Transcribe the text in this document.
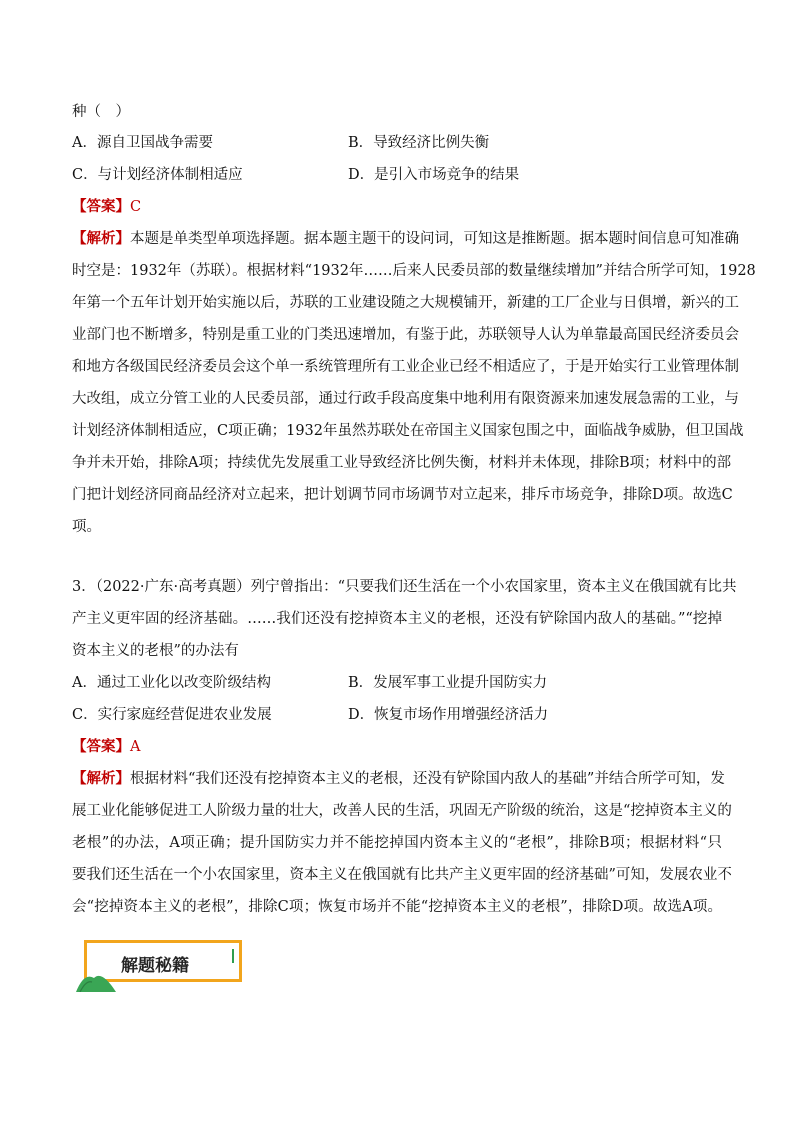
种（　）
A．源自卫国战争需要	B．导致经济比例失衡
C．与计划经济体制相适应	D．是引入市场竞争的结果
【答案】C
【解析】本题是单类型单项选择题。据本题主题干的设问词，可知这是推断题。据本题时间信息可知准确
时空是：1932年（苏联）。根据材料“1932年……后来人民委员部的数量继续增加”并结合所学可知，1928
年第一个五年计划开始实施以后，苏联的工业建设随之大规模铺开，新建的工厂企业与日俱增，新兴的工
业部门也不断增多，特别是重工业的门类迅速增加，有鉴于此，苏联领导人认为单靠最高国民经济委员会
和地方各级国民经济委员会这个单一系统管理所有工业企业已经不相适应了，于是开始实行工业管理体制
大改组，成立分管工业的人民委员部，通过行政手段高度集中地利用有限资源来加速发展急需的工业，与
计划经济体制相适应，C项正确；1932年虽然苏联处在帝国主义国家包围之中，面临战争威胁，但卫国战
争并未开始，排除A项；持续优先发展重工业导致经济比例失衡，材料并未体现，排除B项；材料中的部
门把计划经济同商品经济对立起来，把计划调节同市场调节对立起来，排斥市场竞争，排除D项。故选C
项。
3．（2022·广东·高考真题）列宁曾指出：“只要我们还生活在一个小农国家里，资本主义在俄国就有比共
产主义更牢固的经济基础。……我们还没有挖掉资本主义的老根，还没有铲除国内敌人的基础。”“挖掉
资本主义的老根”的办法有
A．通过工业化以改变阶级结构	B．发展军事工业提升国防实力
C．实行家庭经营促进农业发展	D．恢复市场作用增强经济活力
【答案】A
【解析】根据材料“我们还没有挖掉资本主义的老根，还没有铲除国内敌人的基础”并结合所学可知，发
展工业化能够促进工人阶级力量的壮大，改善人民的生活，巩固无产阶级的统治，这是“挖掉资本主义的
老根”的办法，A项正确；提升国防实力并不能挖掉国内资本主义的“老根”，排除B项；根据材料“只
要我们还生活在一个小农国家里，资本主义在俄国就有比共产主义更牢固的经济基础”可知，发展农业不
会“挖掉资本主义的老根”，排除C项；恢复市场并不能“挖掉资本主义的老根”，排除D项。故选A项。
解题秘籍
